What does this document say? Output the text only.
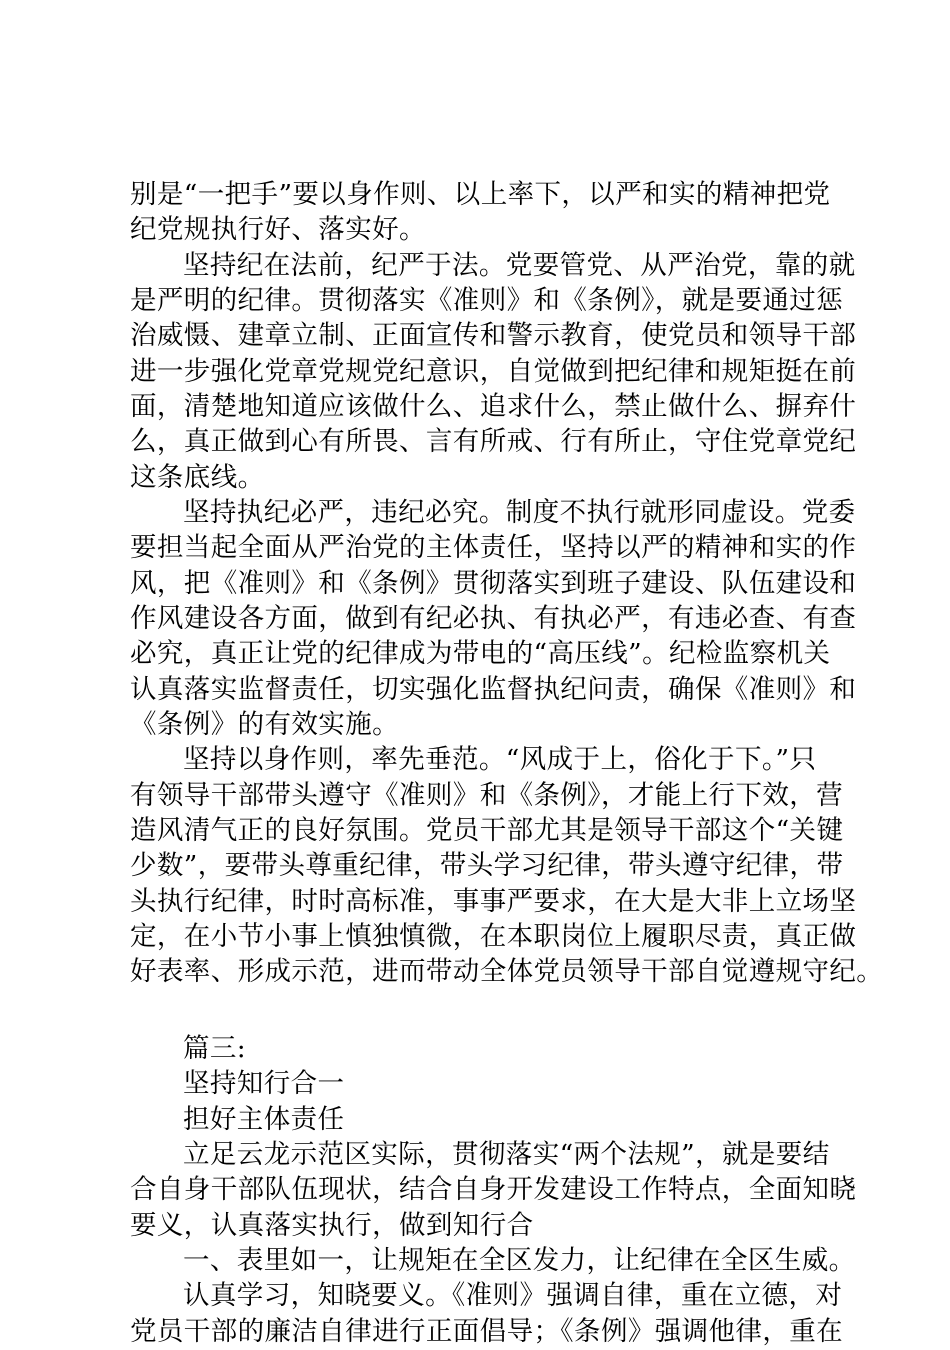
别是“一把手”要以身作则、以上率下，以严和实的精神把党
纪党规执行好、落实好。
坚持纪在法前，纪严于法。党要管党、从严治党，靠的就
是严明的纪律。贯彻落实《准则》和《条例》，就是要通过惩
治威慑、建章立制、正面宣传和警示教育，使党员和领导干部
进一步强化党章党规党纪意识，自觉做到把纪律和规矩挺在前
面，清楚地知道应该做什么、追求什么，禁止做什么、摒弃什
么，真正做到心有所畏、言有所戒、行有所止，守住党章党纪
这条底线。
坚持执纪必严，违纪必究。制度不执行就形同虚设。党委
要担当起全面从严治党的主体责任，坚持以严的精神和实的作
风，把《准则》和《条例》贯彻落实到班子建设、队伍建设和
作风建设各方面，做到有纪必执、有执必严，有违必查、有查
必究，真正让党的纪律成为带电的“高压线”。纪检监察机关
认真落实监督责任，切实强化监督执纪问责，确保《准则》和
《条例》的有效实施。
坚持以身作则，率先垂范。“风成于上，俗化于下。”只
有领导干部带头遵守《准则》和《条例》，才能上行下效，营
造风清气正的良好氛围。党员干部尤其是领导干部这个“关键
少数”，要带头尊重纪律，带头学习纪律，带头遵守纪律，带
头执行纪律，时时高标准，事事严要求，在大是大非上立场坚
定，在小节小事上慎独慎微，在本职岗位上履职尽责，真正做
好表率、形成示范，进而带动全体党员领导干部自觉遵规守纪。
篇三:
坚持知行合一
担好主体责任
立足云龙示范区实际，贯彻落实“两个法规”，就是要结
合自身干部队伍现状，结合自身开发建设工作特点，全面知晓
要义，认真落实执行，做到知行合
一、表里如一，让规矩在全区发力，让纪律在全区生威。
认真学习，知晓要义。《准则》强调自律，重在立德，对
党员干部的廉洁自律进行正面倡导；《条例》强调他律，重在
